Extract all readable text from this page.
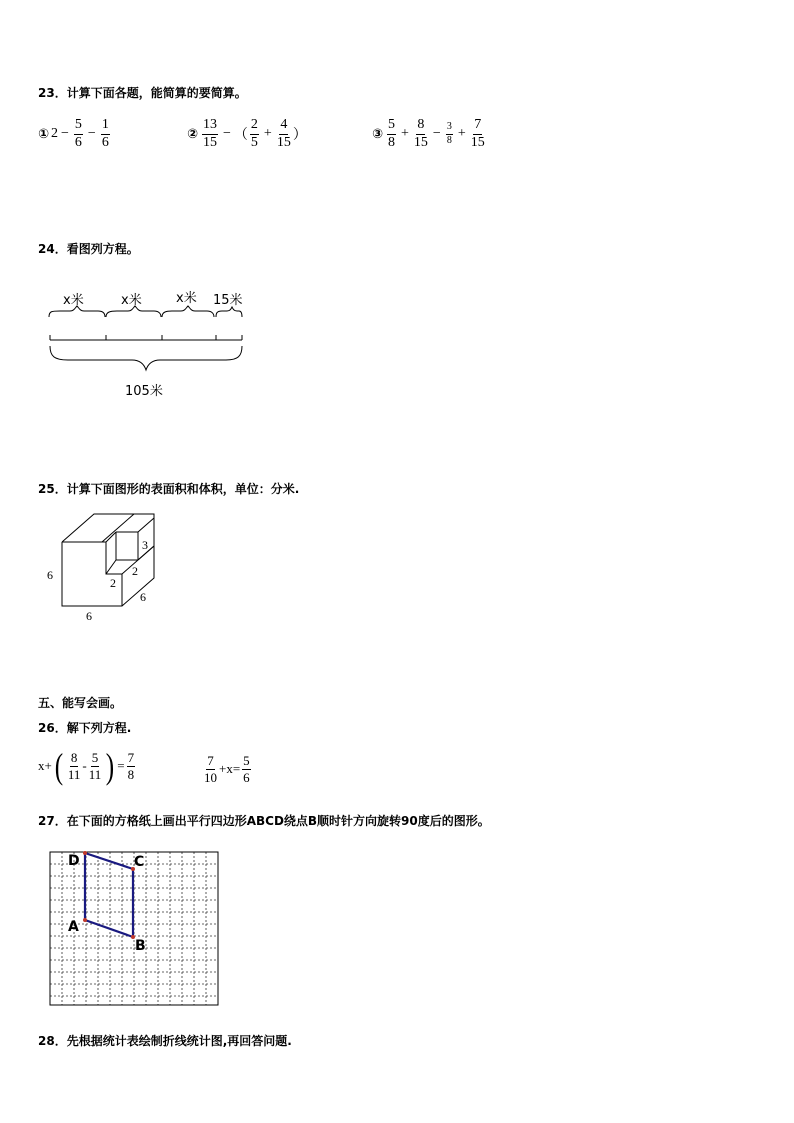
23．计算下面各题，能简算的要简算。
① $2 - \frac{5}{6} - \frac{1}{6}$	② $\frac{13}{15}$ − （ $\frac{2}{5} + \frac{4}{15}$ ）	③ $\frac{5}{8} + \frac{8}{15} - \frac{3}{8} + \frac{7}{15}$
24．看图列方程。
x米	x米	x米 15米
105米
25．计算下面图形的表面积和体积，单位：分米.
6
6
6
3
2
2
五、能写会画。
26．解下列方程.
x+ ( $\frac{8}{11} - \frac{5}{11}$ ) = $\frac{7}{8}$	$\frac{7}{10} +x= \frac{5}{6}$
27．在下面的方格纸上画出平行四边形ABCD绕点B顺时针方向旋转90度后的图形。
D	C
A
B
28．先根据统计表绘制折线统计图,再回答问题.
